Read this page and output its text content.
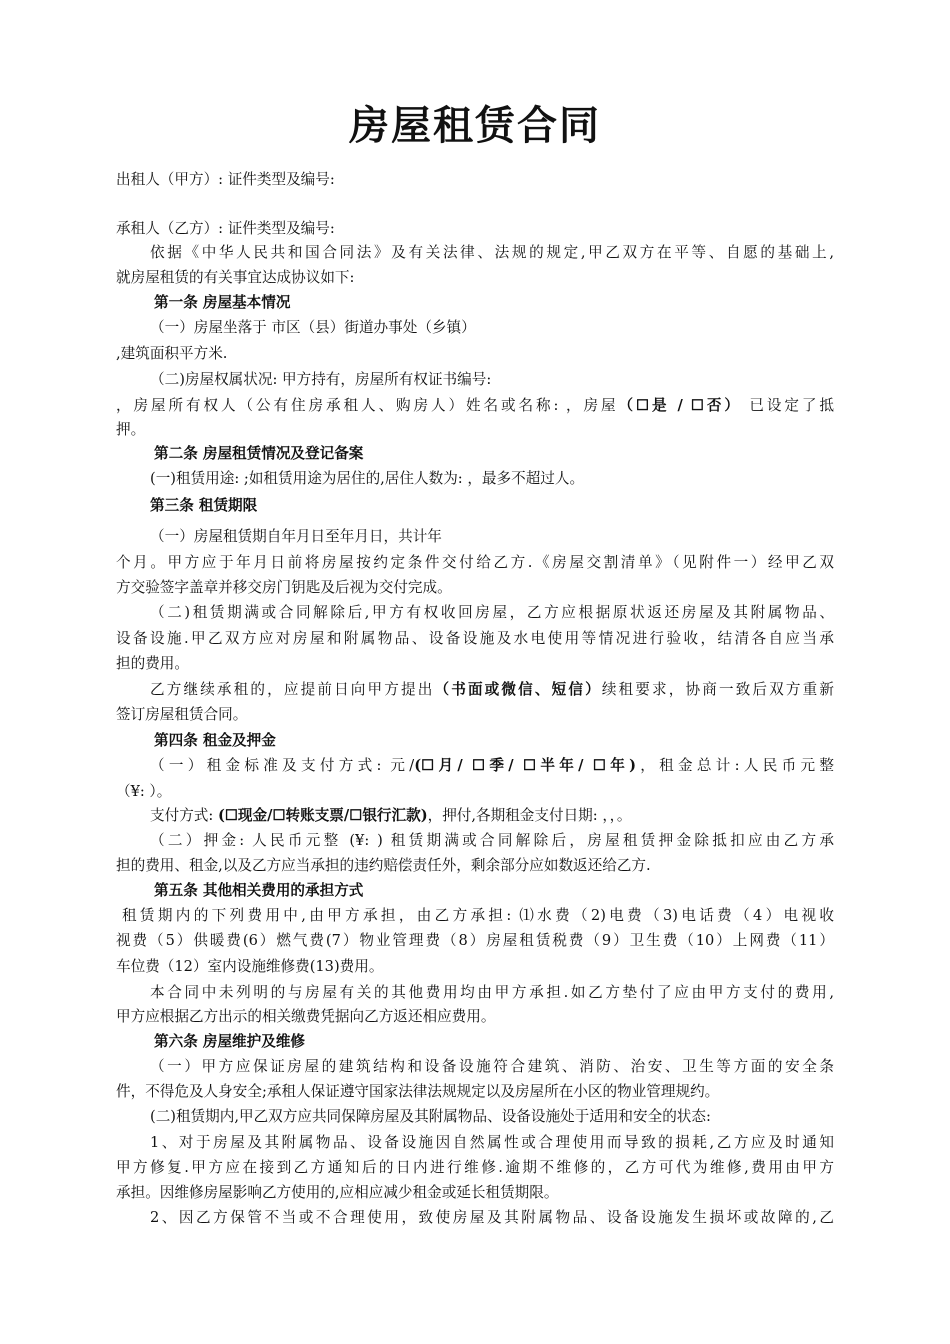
房屋租赁合同
出租人（甲方）: 证件类型及编号:
承租人（乙方）: 证件类型及编号:
依据《中华人民共和国合同法》及有关法律、法规的规定,甲乙双方在平等、自愿的基础上,
就房屋租赁的有关事宜达成协议如下:
第一条 房屋基本情况
（一）房屋坐落于 市区（县）街道办事处（乡镇）
,建筑面积平方米.
（二)房屋权属状况: 甲方持有，房屋所有权证书编号:
，房屋所有权人（公有住房承租人、购房人）姓名或名称: ，房屋（☐是 / ☐否） 已设定了抵
押。
第二条 房屋租赁情况及登记备案
(一)租赁用途: ;如租赁用途为居住的,居住人数为: ，最多不超过人。
第三条 租赁期限
（一）房屋租赁期自年月日至年月日，共计年
个月。甲方应于年月日前将房屋按约定条件交付给乙方.《房屋交割清单》（见附件一）经甲乙双
方交验签字盖章并移交房门钥匙及后视为交付完成。
（二)租赁期满或合同解除后,甲方有权收回房屋，乙方应根据原状返还房屋及其附属物品、
设备设施.甲乙双方应对房屋和附属物品、设备设施及水电使用等情况进行验收，结清各自应当承
担的费用。
乙方继续承租的，应提前日向甲方提出（书面或微信、短信）续租要求，协商一致后双方重新
签订房屋租赁合同。
第四条 租金及押金
（一）租金标准及支付方式: 元/(☐月/ ☐季/ ☐半年/ ☐年)，租金总计:人民币元整
（¥: ）。
支付方式: (☐现金/☐转账支票/☐银行汇款)，押付,各期租金支付日期: ，，。
（二）押金: 人民币元整 (¥: ) 租赁期满或合同解除后，房屋租赁押金除抵扣应由乙方承
担的费用、租金,以及乙方应当承担的违约赔偿责任外，剩余部分应如数返还给乙方.
第五条 其他相关费用的承担方式
租赁期内的下列费用中,由甲方承担，由乙方承担: ⑴水费（2)电费（3)电话费（4）电视收
视费（5）供暖费(6）燃气费(7）物业管理费（8）房屋租赁税费（9）卫生费（10）上网费（11）
车位费（12）室内设施维修费(13)费用。
本合同中未列明的与房屋有关的其他费用均由甲方承担.如乙方垫付了应由甲方支付的费用,
甲方应根据乙方出示的相关缴费凭据向乙方返还相应费用。
第六条 房屋维护及维修
（一）甲方应保证房屋的建筑结构和设备设施符合建筑、消防、治安、卫生等方面的安全条
件，不得危及人身安全;承租人保证遵守国家法律法规规定以及房屋所在小区的物业管理规约。
(二)租赁期内,甲乙双方应共同保障房屋及其附属物品、设备设施处于适用和安全的状态:
1、对于房屋及其附属物品、设备设施因自然属性或合理使用而导致的损耗,乙方应及时通知
甲方修复.甲方应在接到乙方通知后的日内进行维修.逾期不维修的，乙方可代为维修,费用由甲方
承担。因维修房屋影响乙方使用的,应相应减少租金或延长租赁期限。
2、因乙方保管不当或不合理使用，致使房屋及其附属物品、设备设施发生损坏或故障的,乙
